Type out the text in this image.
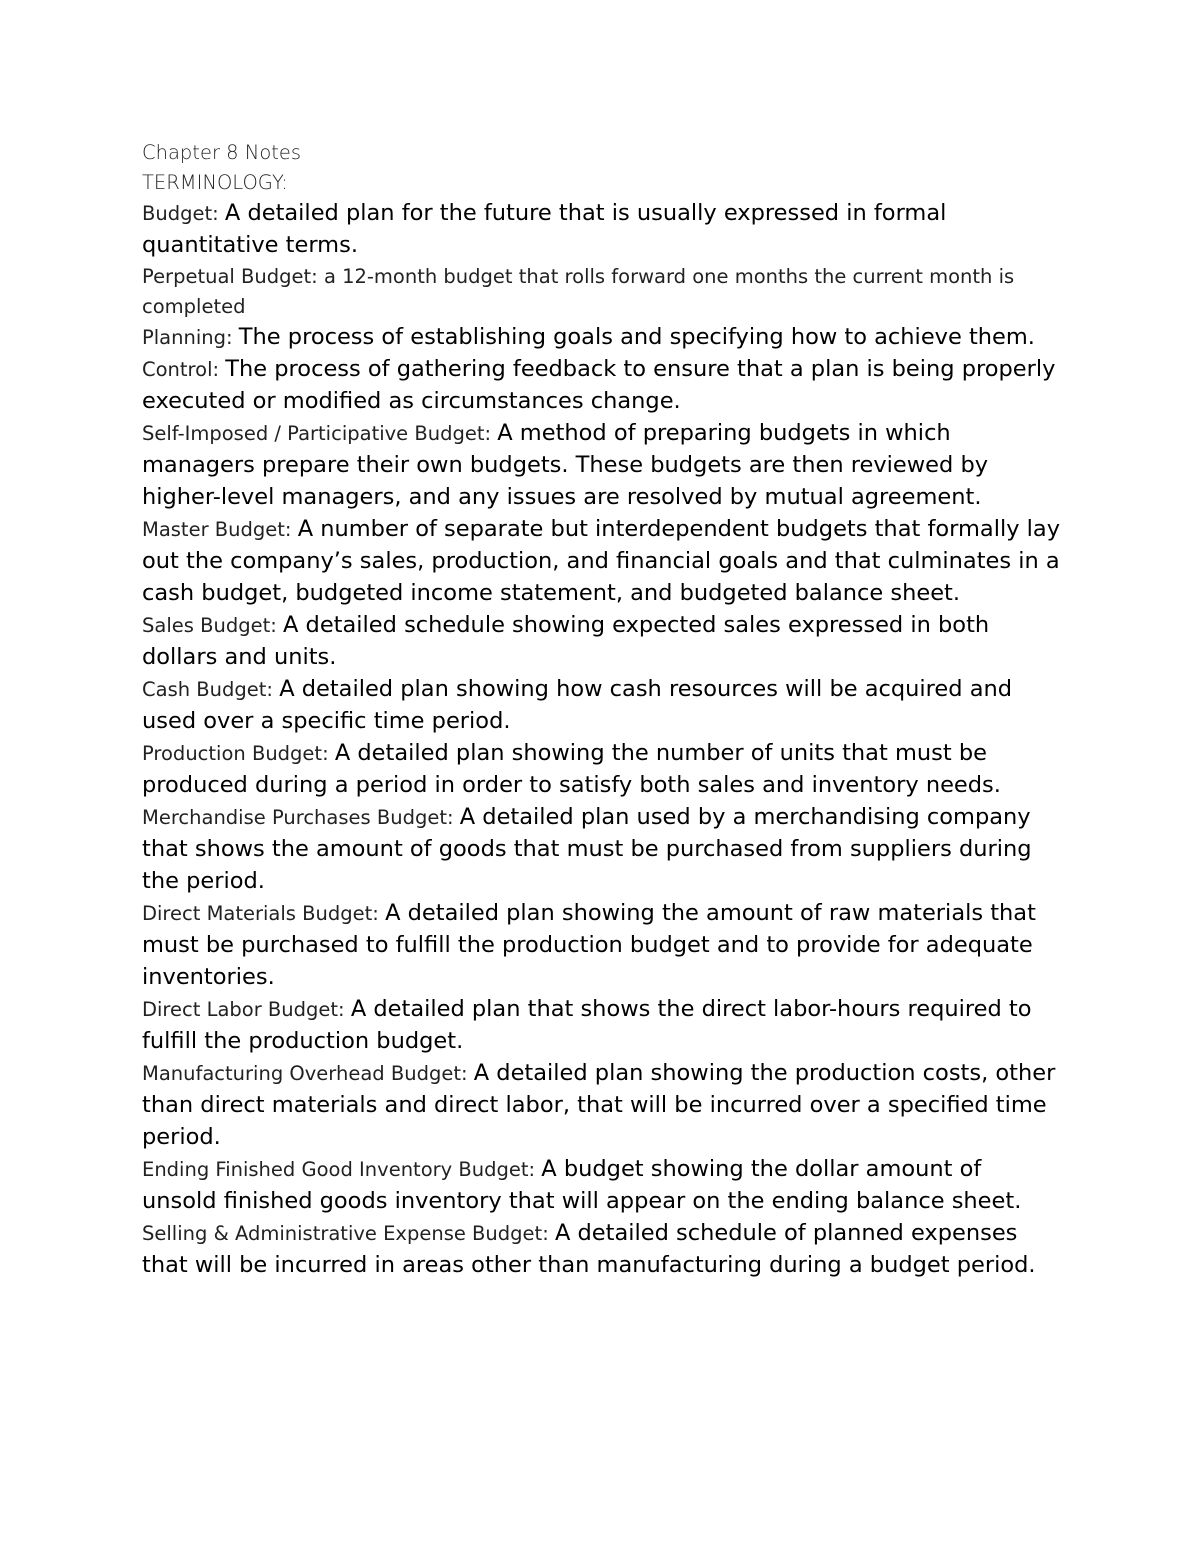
Chapter 8 Notes
TERMINOLOGY:

Budget: A detailed plan for the future that is usually expressed in formal quantitative terms.

Perpetual Budget: a 12-month budget that rolls forward one months the current month is completed

Planning: The process of establishing goals and specifying how to achieve them.

Control: The process of gathering feedback to ensure that a plan is being properly executed or modified as circumstances change.

Self-Imposed / Participative Budget: A method of preparing budgets in which managers prepare their own budgets. These budgets are then reviewed by higher-level managers, and any issues are resolved by mutual agreement.

Master Budget: A number of separate but interdependent budgets that formally lay out the company’s sales, production, and financial goals and that culminates in a cash budget, budgeted income statement, and budgeted balance sheet.

Sales Budget: A detailed schedule showing expected sales expressed in both dollars and units.

Cash Budget: A detailed plan showing how cash resources will be acquired and used over a specific time period.

Production Budget: A detailed plan showing the number of units that must be produced during a period in order to satisfy both sales and inventory needs.

Merchandise Purchases Budget: A detailed plan used by a merchandising company that shows the amount of goods that must be purchased from suppliers during the period.

Direct Materials Budget: A detailed plan showing the amount of raw materials that must be purchased to fulfill the production budget and to provide for adequate inventories.

Direct Labor Budget: A detailed plan that shows the direct labor-hours required to fulfill the production budget.

Manufacturing Overhead Budget: A detailed plan showing the production costs, other than direct materials and direct labor, that will be incurred over a specified time period.

Ending Finished Good Inventory Budget: A budget showing the dollar amount of unsold finished goods inventory that will appear on the ending balance sheet.

Selling & Administrative Expense Budget: A detailed schedule of planned expenses that will be incurred in areas other than manufacturing during a budget period.
